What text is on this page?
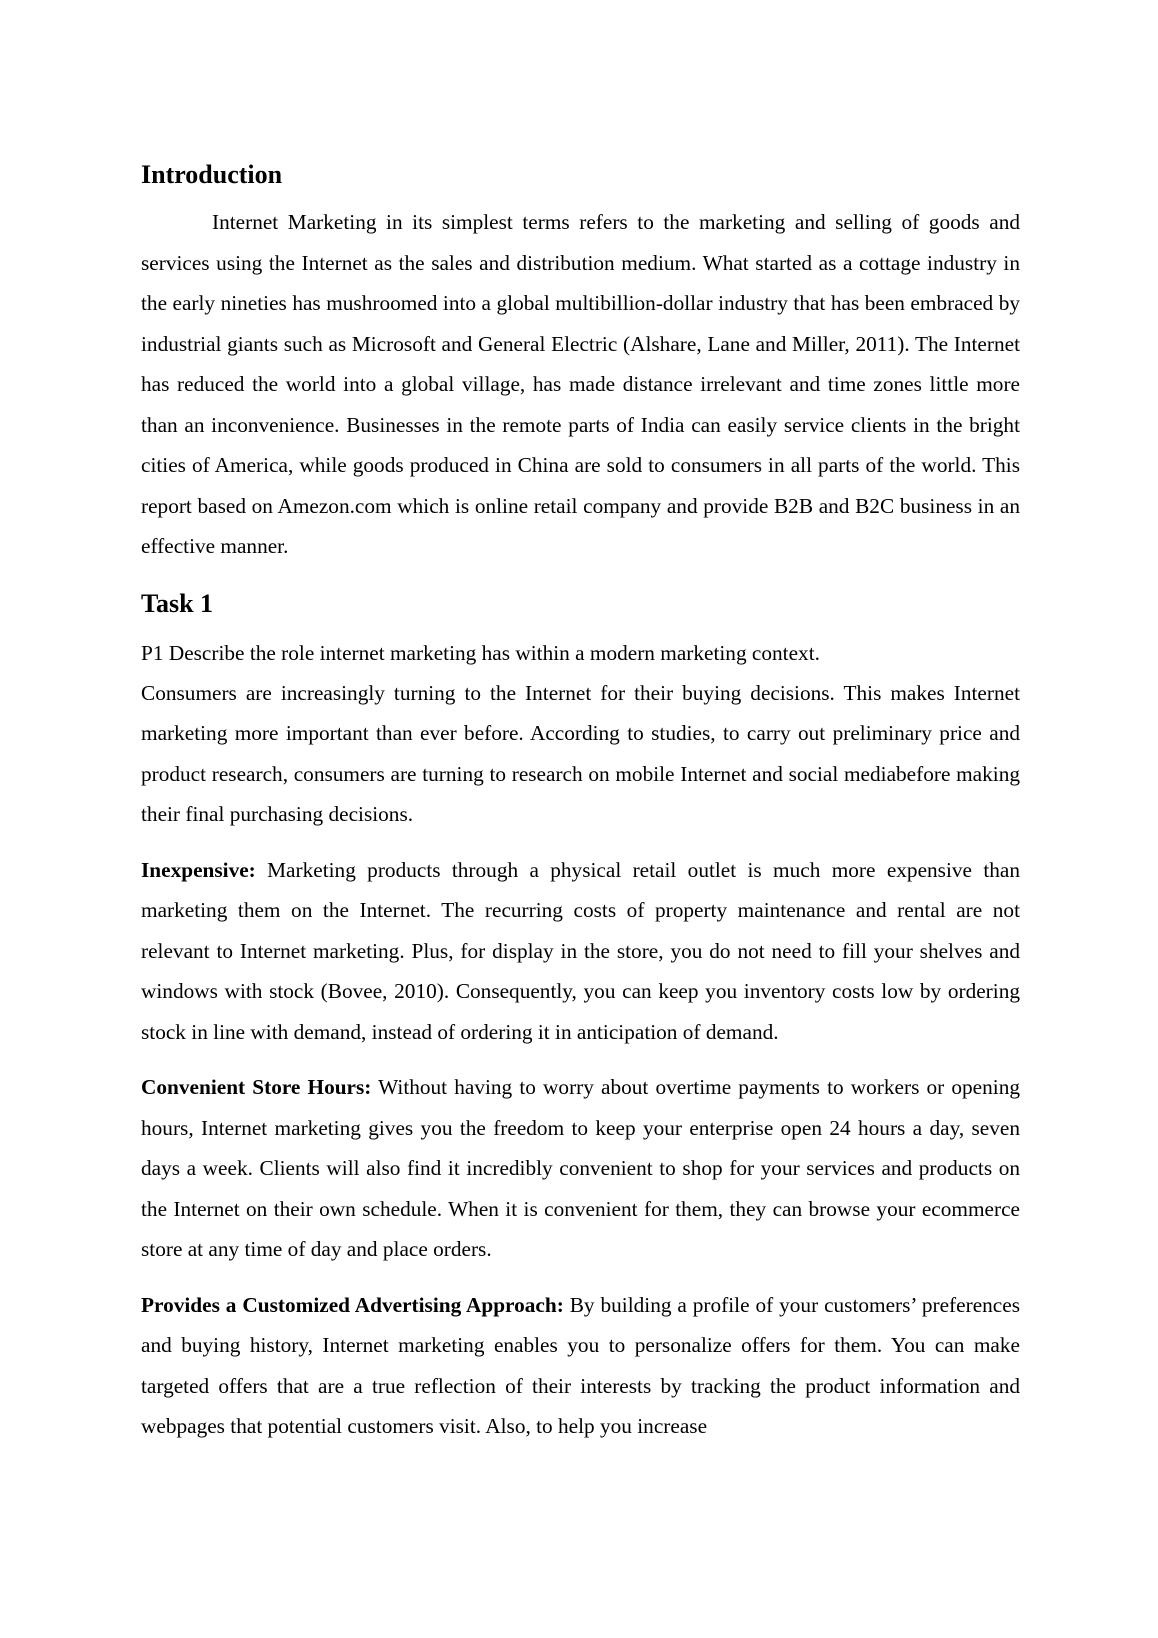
Introduction

Internet Marketing in its simplest terms refers to the marketing and selling of goods and services using the Internet as the sales and distribution medium. What started as a cottage industry in the early nineties has mushroomed into a global multibillion-dollar industry that has been embraced by industrial giants such as Microsoft and General Electric (Alshare, Lane and Miller, 2011). The Internet has reduced the world into a global village, has made distance irrelevant and time zones little more than an inconvenience. Businesses in the remote parts of India can easily service clients in the bright cities of America, while goods produced in China are sold to consumers in all parts of the world. This report based on Amezon.com which is online retail company and provide B2B and B2C business in an effective manner.

Task 1

P1 Describe the role internet marketing has within a modern marketing context.

Consumers are increasingly turning to the Internet for their buying decisions. This makes Internet marketing more important than ever before. According to studies, to carry out preliminary price and product research, consumers are turning to research on mobile Internet and social mediabefore making their final purchasing decisions.

Inexpensive: Marketing products through a physical retail outlet is much more expensive than marketing them on the Internet. The recurring costs of property maintenance and rental are not relevant to Internet marketing. Plus, for display in the store, you do not need to fill your shelves and windows with stock (Bovee, 2010). Consequently, you can keep you inventory costs low by ordering stock in line with demand, instead of ordering it in anticipation of demand.

Convenient Store Hours: Without having to worry about overtime payments to workers or opening hours, Internet marketing gives you the freedom to keep your enterprise open 24 hours a day, seven days a week. Clients will also find it incredibly convenient to shop for your services and products on the Internet on their own schedule. When it is convenient for them, they can browse your ecommerce store at any time of day and place orders.

Provides a Customized Advertising Approach: By building a profile of your customers’ preferences and buying history, Internet marketing enables you to personalize offers for them. You can make targeted offers that are a true reflection of their interests by tracking the product information and webpages that potential customers visit. Also, to help you increase
